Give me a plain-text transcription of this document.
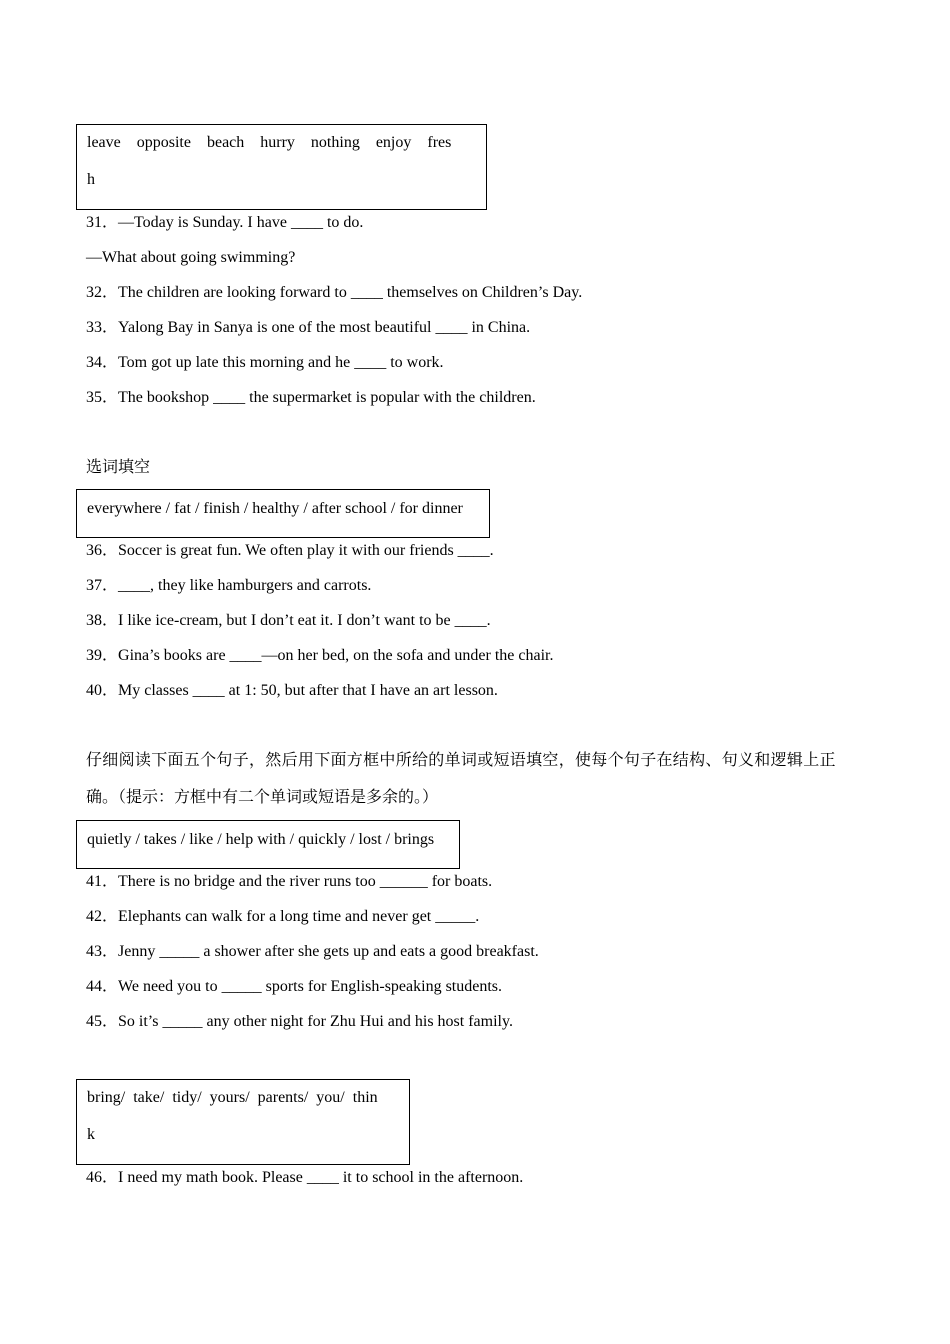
leave    opposite    beach    hurry    nothing    enjoy    fres
h
31．—Today is Sunday. I have ____ to do.
—What about going swimming?
32．The children are looking forward to ____ themselves on Children’s Day.
33．Yalong Bay in Sanya is one of the most beautiful ____ in China.
34．Tom got up late this morning and he ____ to work.
35．The bookshop ____ the supermarket is popular with the children.
选词填空
everywhere / fat / finish / healthy / after school / for dinner
36．Soccer is great fun. We often play it with our friends ____.
37．____, they like hamburgers and carrots.
38．I like ice-cream, but I don’t eat it. I don’t want to be ____.
39．Gina’s books are ____—on her bed, on the sofa and under the chair.
40．My classes ____ at 1: 50, but after that I have an art lesson.
仔细阅读下面五个句子，然后用下面方框中所给的单词或短语填空，使每个句子在结构、句义和逻辑上正
确。（提示：方框中有二个单词或短语是多余的。）
quietly / takes / like / help with / quickly / lost / brings
41．There is no bridge and the river runs too ______ for boats.
42．Elephants can walk for a long time and never get _____.
43．Jenny _____ a shower after she gets up and eats a good breakfast.
44．We need you to _____ sports for English-speaking students.
45．So it’s _____ any other night for Zhu Hui and his host family.
bring/  take/  tidy/  yours/  parents/  you/  thin
k
46．I need my math book. Please ____ it to school in the afternoon.
